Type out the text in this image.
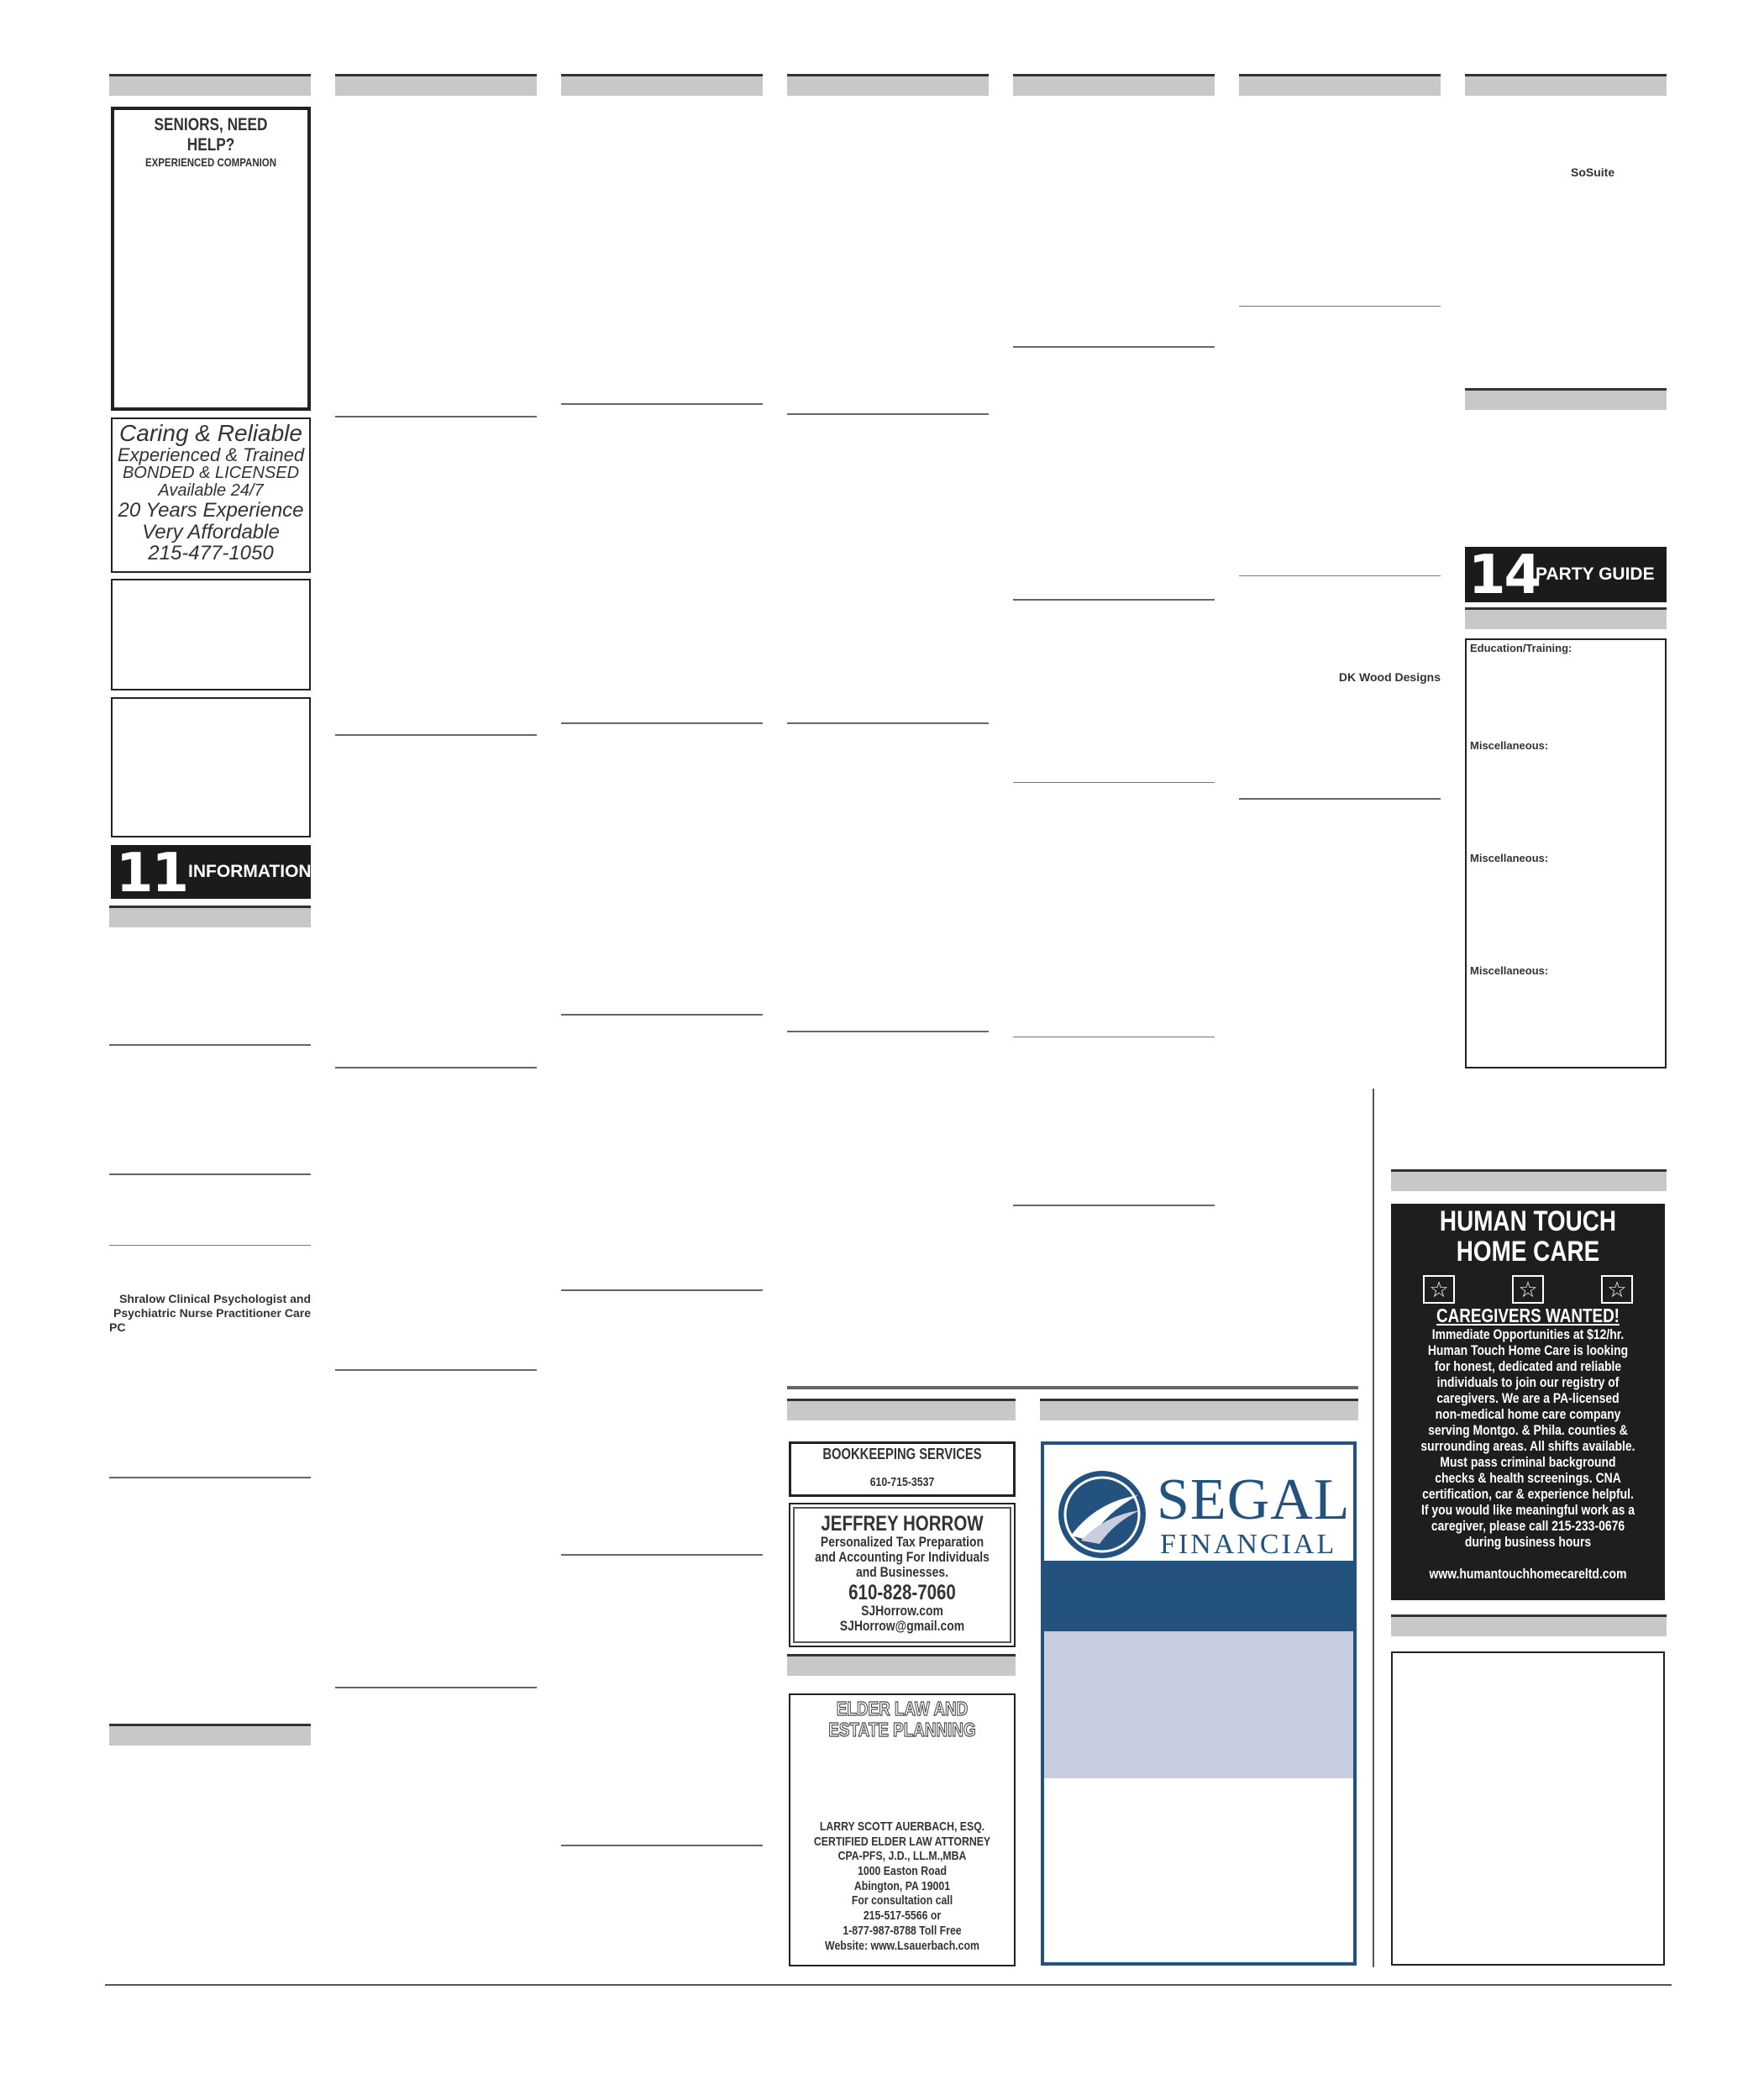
SENIORS, NEED HELP?
EXPERIENCED COMPANION
Caring & Reliable
Experienced & Trained
BONDED & LICENSED
Available 24/7
20 Years Experience
Very Affordable
215-477-1050
11 INFORMATION
Shralow Clinical Psychologist and Psychiatric Nurse Practitioner Care PC
DK Wood Designs
SoSuite
14
PARTY GUIDE
Education/Training:
Miscellaneous:
Miscellaneous:
Miscellaneous:
BOOKKEEPING SERVICES
610-715-3537
JEFFREY HORROW
Personalized Tax Preparation
and Accounting For Individuals
and Businesses.
610-828-7060
SJHorrow.com
SJHorrow@gmail.com
ELDER LAW AND
ESTATE PLANNING
LARRY SCOTT AUERBACH, ESQ.
CERTIFIED ELDER LAW ATTORNEY
CPA-PFS, J.D., LL.M.,MBA
1000 Easton Road
Abington, PA 19001
For consultation call
215-517-5566 or
1-877-987-8788 Toll Free
Website: www.Lsauerbach.com
SEGAL
FINANCIAL
HUMAN TOUCH
HOME CARE
☆	☆	☆
CAREGIVERS WANTED!
Immediate Opportunities at $12/hr.
Human Touch Home Care is looking
for honest, dedicated and reliable
individuals to join our registry of
caregivers. We are a PA-licensed
non-medical home care company
serving Montgo. & Phila. counties &
surrounding areas. All shifts available.
Must pass criminal background
checks & health screenings. CNA
certification, car & experience helpful.
If you would like meaningful work as a
caregiver, please call 215-233-0676
during business hours
www.humantouchhomecareltd.com
